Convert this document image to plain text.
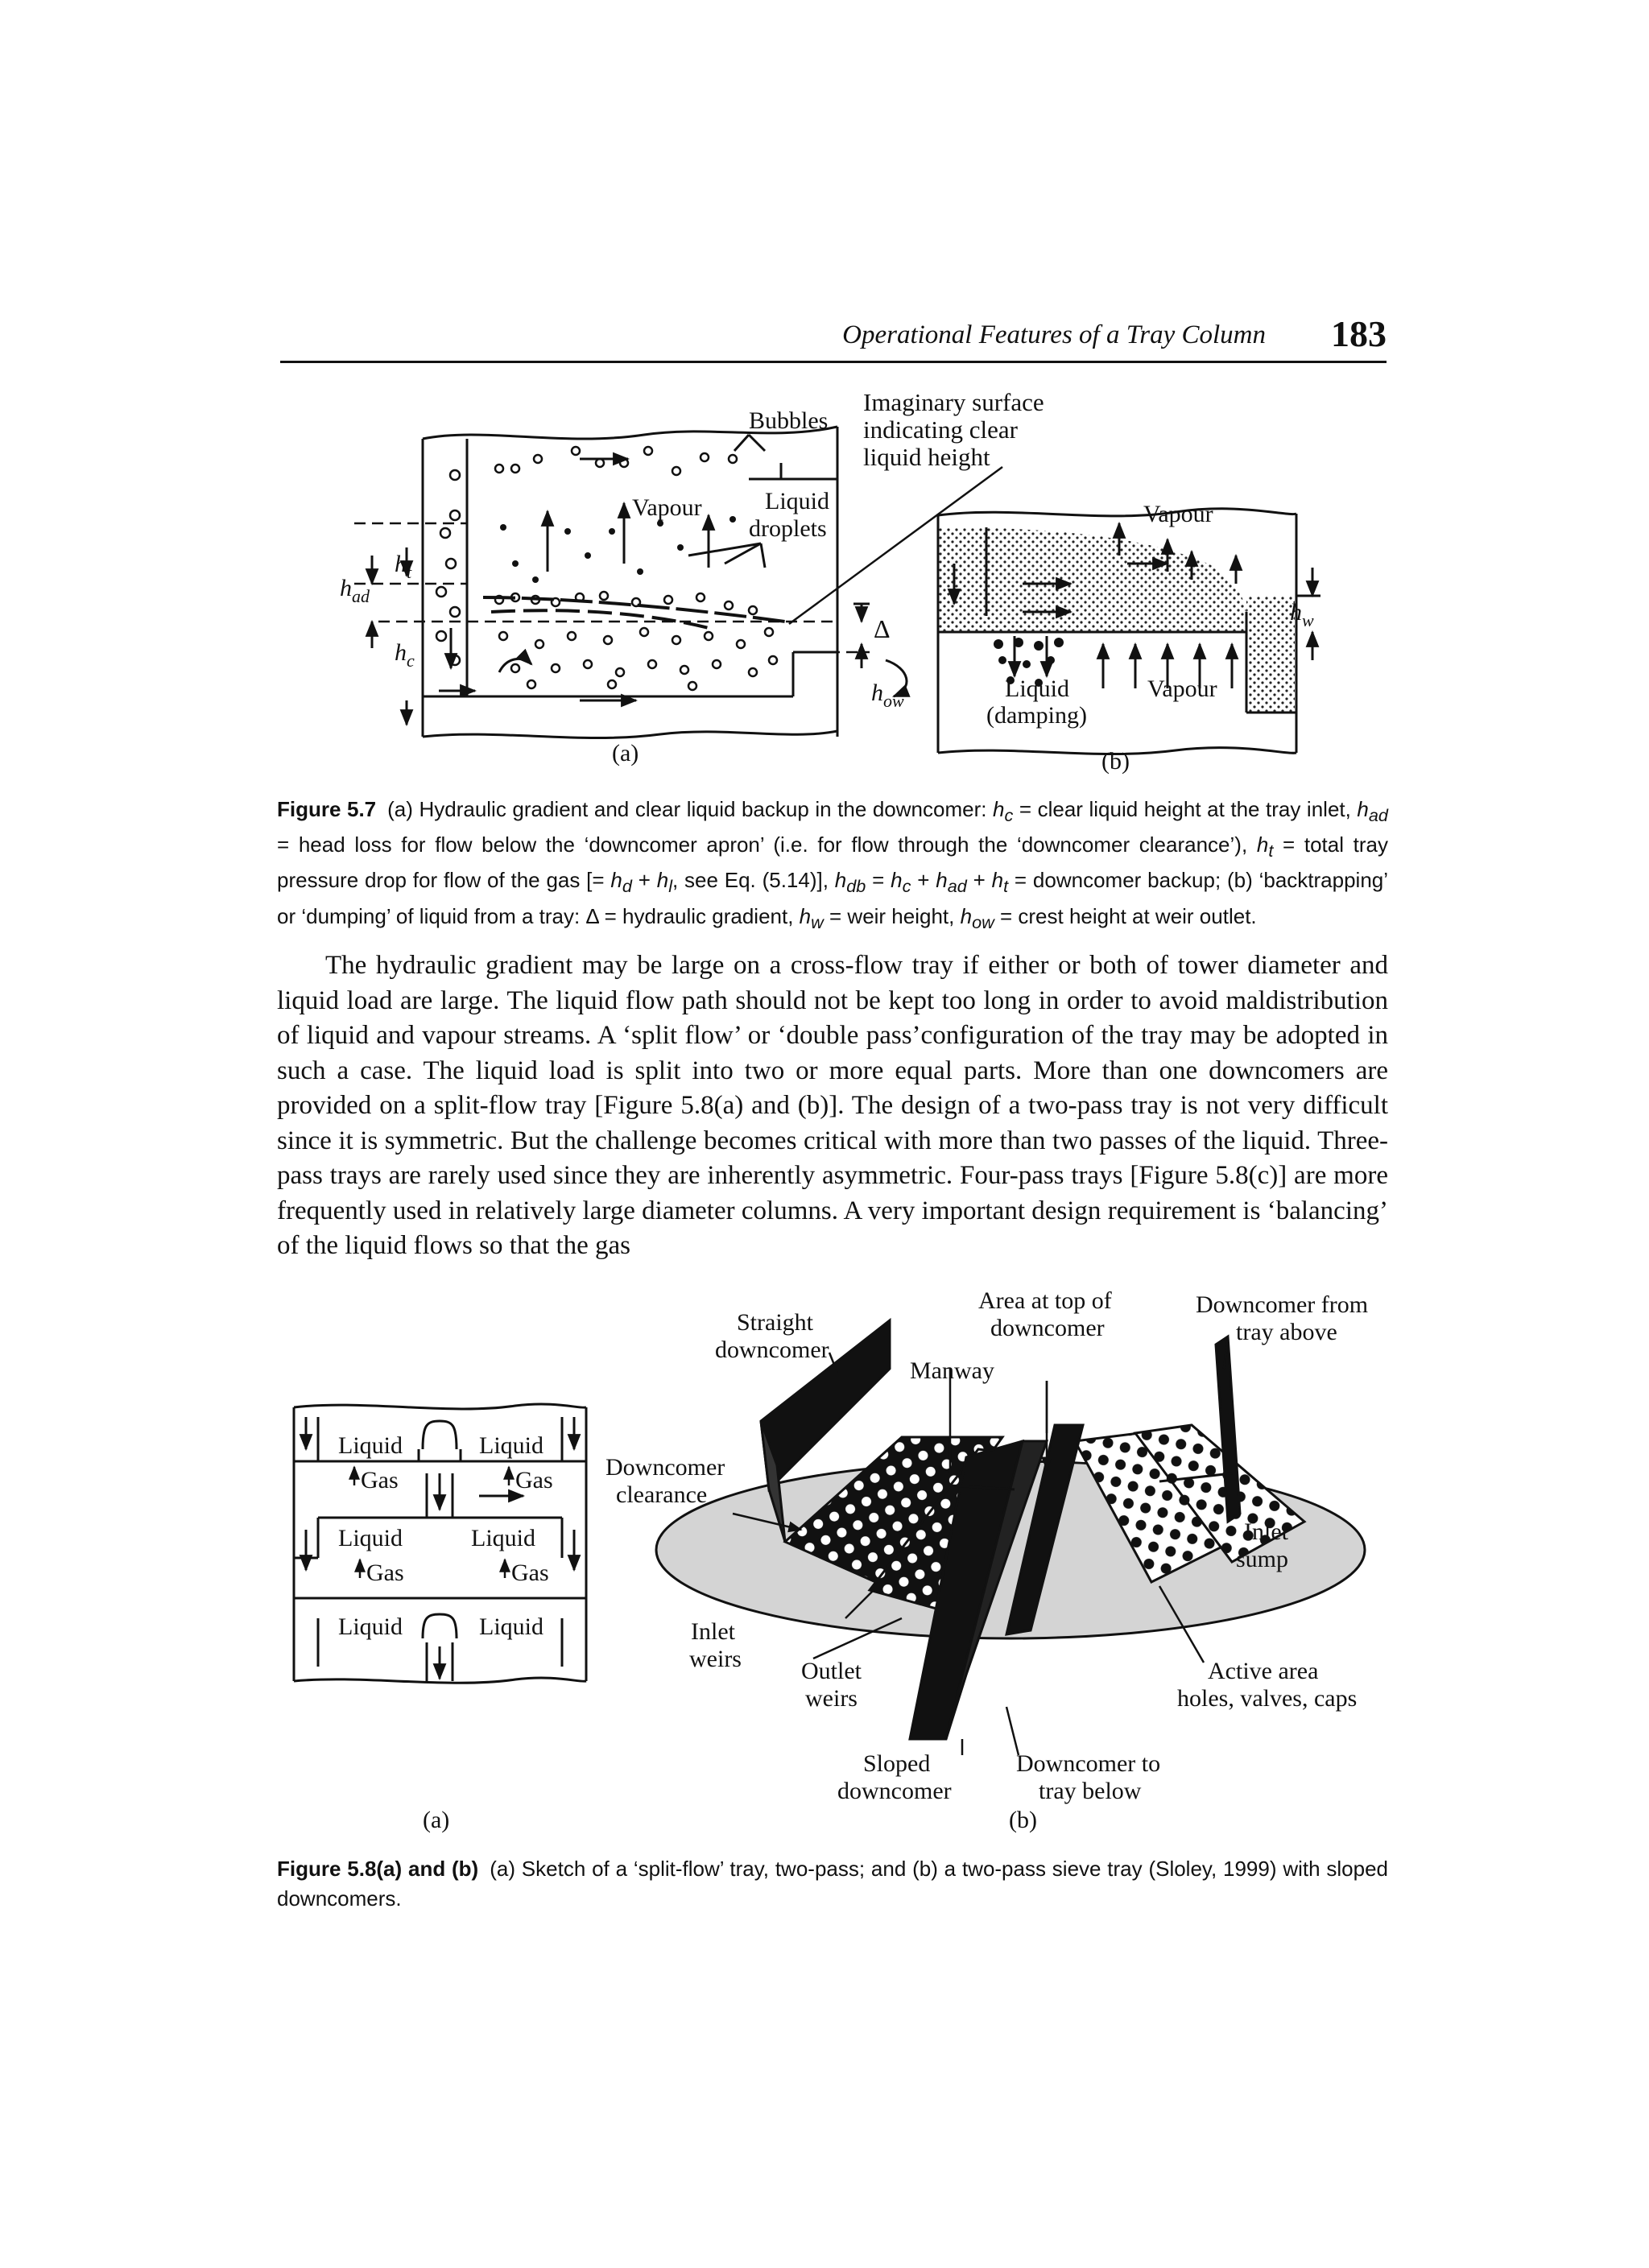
Operational Features of a Tray Column 183
Bubbles
Vapour	Liquid
droplets
$h_{ad}$
$h_t$
$h_c$
Δ
$h_{ow}$
(a)
Imaginary surface
indicating clear
liquid height
Vapour
Liquid
(damping)
Vapour
$h_w$
(b)
Figure 5.7 (a) Hydraulic gradient and clear liquid backup in the downcomer: $h_c$ = clear liquid height at the tray inlet, $h_{ad}$ = head loss for flow below the ‘downcomer apron’ (i.e. for flow through the ‘downcomer clearance’), $h_t$ = total tray pressure drop for flow of the gas [= $h_d + h_l$, see Eq. (5.14)], $h_{db} = h_c + h_{ad} + h_t$ = downcomer backup; (b) ‘backtrapping’ or ‘dumping’ of liquid from a tray: Δ = hydraulic gradient, $h_w$ = weir height, $h_{ow}$ = crest height at weir outlet.

The hydraulic gradient may be large on a cross-flow tray if either or both of tower diameter and liquid load are large. The liquid flow path should not be kept too long in order to avoid maldistribution of liquid and vapour streams. A ‘split flow’ or ‘double pass’configuration of the tray may be adopted in such a case. The liquid load is split into two or more equal parts. More than one downcomers are provided on a split-flow tray [Figure 5.8(a) and (b)]. The design of a two-pass tray is not very difficult since it is symmetric. But the challenge becomes critical with more than two passes of the liquid. Three-pass trays are rarely used since they are inherently asymmetric. Four-pass trays [Figure 5.8(c)] are more frequently used in relatively large diameter columns. A very important design requirement is ‘balancing’ of the liquid flows so that the gas

Liquid
Gas
Liquid
Gas
Liquid
Gas
Liquid
Gas
Liquid	Liquid
(a)
Straight
downcomer
Area at top of
downcomer
Manway
Downcomer from
tray above
Downcomer
clearance
Inlet
sump
Inlet
weirs Outlet
weirs
Active area
holes, valves, caps
Sloped
downcomer
Downcomer to
tray below
(b)
Figure 5.8(a) and (b) (a) Sketch of a ‘split-flow’ tray, two-pass; and (b) a two-pass sieve tray (Sloley, 1999) with sloped downcomers.
